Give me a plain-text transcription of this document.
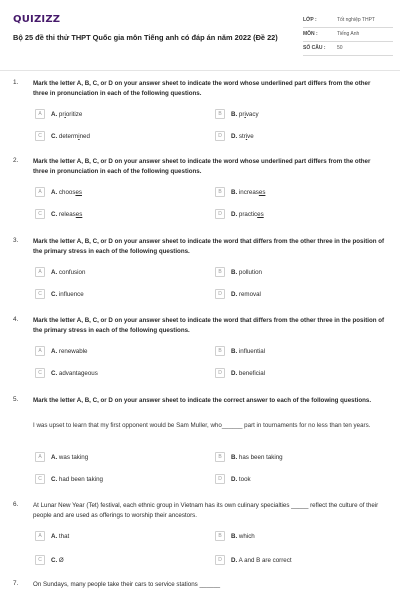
QUIZIZZ
Bộ 25 đề thi thử THPT Quốc gia môn Tiếng anh có đáp án năm 2022 (Đề 22)
LỚP :	Tốt nghiệp THPT
MÔN :	Tiếng Anh
SỐ CÂU : 50
1. Mark the letter A, B, C, or D on your answer sheet to indicate the word whose underlined part differs from the other three in pronunciation in each of the following questions.
A	A. prioritize	B	B. privacy
C	C. determined	D	D. strive
2. Mark the letter A, B, C, or D on your answer sheet to indicate the word whose underlined part differs from the other three in pronunciation in each of the following questions.
A	A. chooses	B	B. increases
C	C. releases	D	D. practices
3. Mark the letter A, B, C, or D on your answer sheet to indicate the word that differs from the other three in the position of the primary stress in each of the following questions.
A	A. confusion	B	B. pollution
C	C. influence	D	D. removal
4. Mark the letter A, B, C, or D on your answer sheet to indicate the word that differs from the other three in the position of the primary stress in each of the following questions.
A	A. renewable	B	B. influential
C	C. advantageous	D	D. beneficial
5. Mark the letter A, B, C, or D on your answer sheet to indicate the correct answer to each of the following questions.
I was upset to learn that my first opponent would be Sam Muller, who______ part in tournaments for no less than ten years.
A	A. was taking	B	B. has been taking
C	C. had been taking	D	D. took
6. At Lunar New Year (Tet) festival, each ethnic group in Vietnam has its own culinary specialties _____ reflect the culture of their people and are used as offerings to worship their ancestors.
A	A. that	B	B. which
C	C. Ø	D	D. A and B are correct
7. On Sundays, many people take their cars to service stations ______
